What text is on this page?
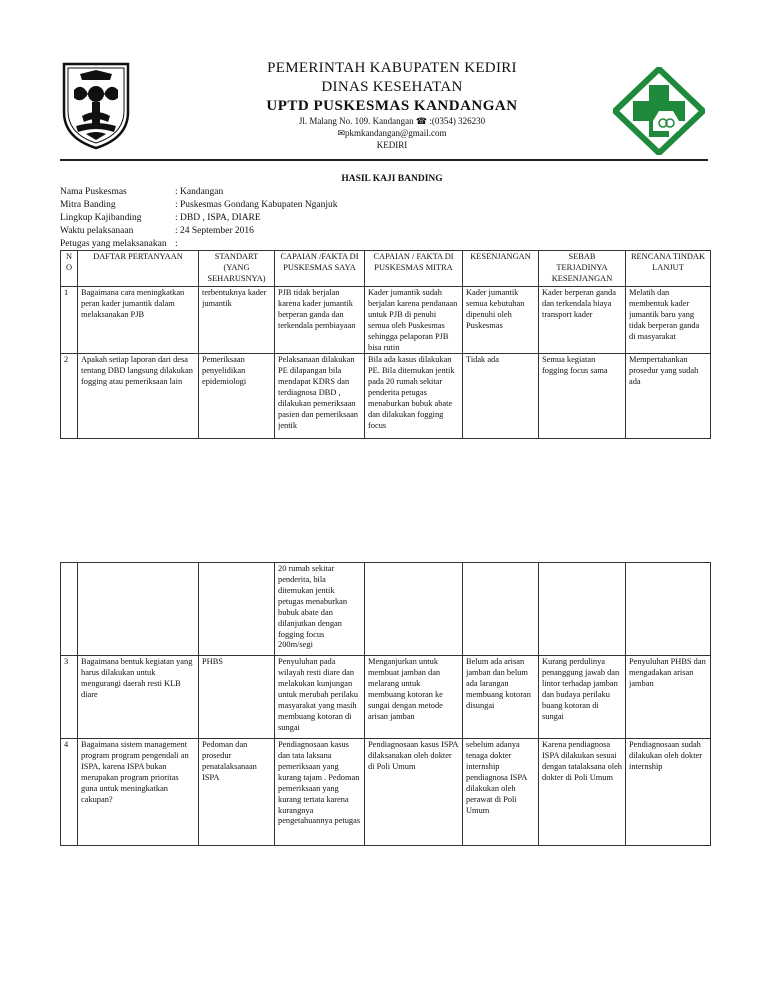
PEMERINTAH KABUPATEN KEDIRI
DINAS KESEHATAN
UPTD PUSKESMAS KANDANGAN
Jl. Malang No. 109. Kandangan ☎ :(0354) 326230
✉pkmkandangan@gmail.com
KEDIRI
HASIL KAJI BANDING
Nama Puskesmas	: Kandangan
Mitra Banding	: Puskesmas Gondang Kabupaten Nganjuk
Lingkup Kajibanding	: DBD , ISPA, DIARE
Waktu pelaksanaan	: 24 September 2016
Petugas yang melaksanakan :
N O	DAFTAR PERTANYAAN	STANDART (YANG SEHARUSNYA)	CAPAIAN /FAKTA DI PUSKESMAS SAYA	CAPAIAN / FAKTA DI PUSKESMAS MITRA	KESENJANGAN	SEBAB TERJADINYA KESENJANGAN	RENCANA TINDAK LANJUT

1	Bagaimana cara meningkatkan peran kader jumantik dalam melaksanakan PJB	terbentuknya kader jumantik	PJB tidak berjalan karena kader jumantik berperan ganda dan terkendala pembiayaan	Kader jumantik sudah berjalan karena pendanaan untuk PJB di penuhi semua oleh Puskesmas sehingga pelaporan PJB bisa rutin	Kader jumantik semua kebutuhan dipenuhi oleh Puskesmas	Kader berperan ganda dan terkendala biaya transport kader	Melatih dan membentuk kader jumantik baru yang tidak berperan ganda di masyarakat

2	Apakah setiap laporan dari desa tentang DBD langsung dilakukan fogging atau pemeriksaan lain	Pemeriksaan penyelidikan epidemiologi	Pelaksanaan dilakukan PE dilapangan bila mendapat KDRS dan terdiagnosa DBD , dilakukan pemeriksaan pasien dan pemeriksaan jentik	Bila ada kasus dilakukan PE. Bila ditemukan jentik pada 20 rumah sekitar penderita petugas menaburkan bubuk abate dan dilakukan fogging focus	Tidak ada	Semua kegiatan fogging focus sama	Mempertahankan prosedur yang sudah ada

			20 rumah sekitar penderita, bila ditemukan jentik petugas menaburkan bubuk abate dan dilanjutkan dengan fogging focus 200m/segi				

3	Bagaimana bentuk kegiatan yang harus dilakukan untuk mengurangi daerah resti KLB diare	PHBS	Penyuluhan pada wilayah resti diare dan melakukan kunjungan untuk merubah perilaku masyarakat yang masih membuang kotoran di sungai	Menganjurkan untuk membuat jamban dan melarang untuk membuang kotoran ke sungai dengan metode arisan jamban	Belum ada arisan jamban dan belum ada larangan membuang kotoran disungai	Kurang perdulinya penanggung jawab dan lintor terhadap jamban dan budaya perilaku buang kotoran di sungai	Penyuluhan PHBS dan mengadakan arisan jamban

4	Bagaimana sistem management program program pengendali an ISPA, karena ISPA bukan merupakan program prioritas guna untuk meningkatkan cakupan?	Pedoman dan prosedur penatalaksanaan ISPA	Pendiagnosaan kasus dan tata laksana pemeriksaan yang kurang tajam . Pedoman pemeriksaan yang kurang tertata karena kurangnya pengetahuannya petugas	Pendiagnosaan kasus ISPA dilaksanakan oleh dokter di Poli Umum	sebelum adanya tenaga dokter internship pendiagnosa ISPA dilakukan oleh perawat di Poli Umum	Karena pendiagnosa ISPA dilakukan sesuai dengan tatalaksana oleh dokter di Poli Umum	Pendiagnosaan sudah dilakukan oleh dokter internship
